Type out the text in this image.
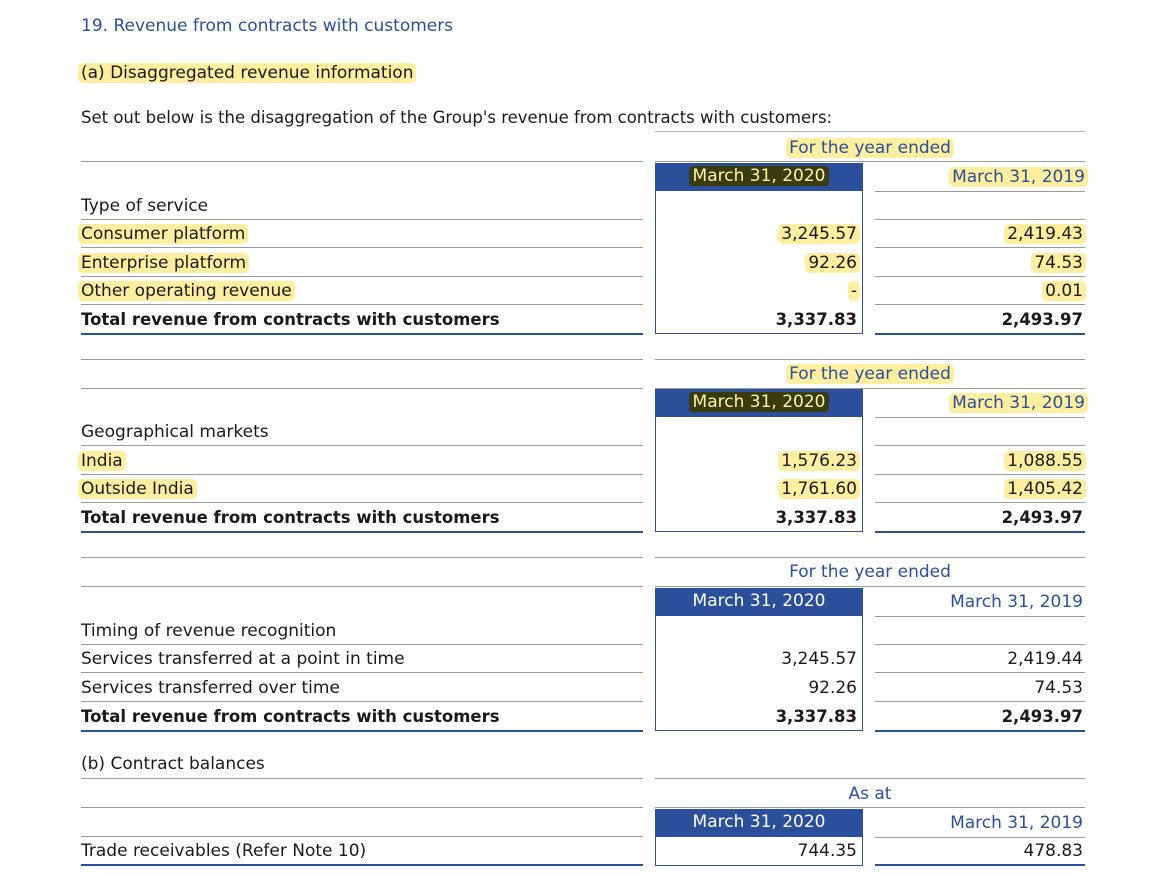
19. Revenue from contracts with customers
(a) Disaggregated revenue information
Set out below is the disaggregation of the Group's revenue from contracts with customers:
For the year ended
March 31, 2020	March 31, 2019
Type of service
Consumer platform	3,245.57	2,419.43
Enterprise platform	92.26	74.53
Other operating revenue	-	0.01
Total revenue from contracts with customers	3,337.83	2,493.97
For the year ended
March 31, 2020	March 31, 2019
Geographical markets
India	1,576.23	1,088.55
Outside India	1,761.60	1,405.42
Total revenue from contracts with customers	3,337.83	2,493.97
For the year ended
March 31, 2020	March 31, 2019
Timing of revenue recognition
Services transferred at a point in time	3,245.57	2,419.44
Services transferred over time	92.26	74.53
Total revenue from contracts with customers	3,337.83	2,493.97
(b) Contract balances
As at
March 31, 2020	March 31, 2019
Trade receivables (Refer Note 10)	744.35	478.83
